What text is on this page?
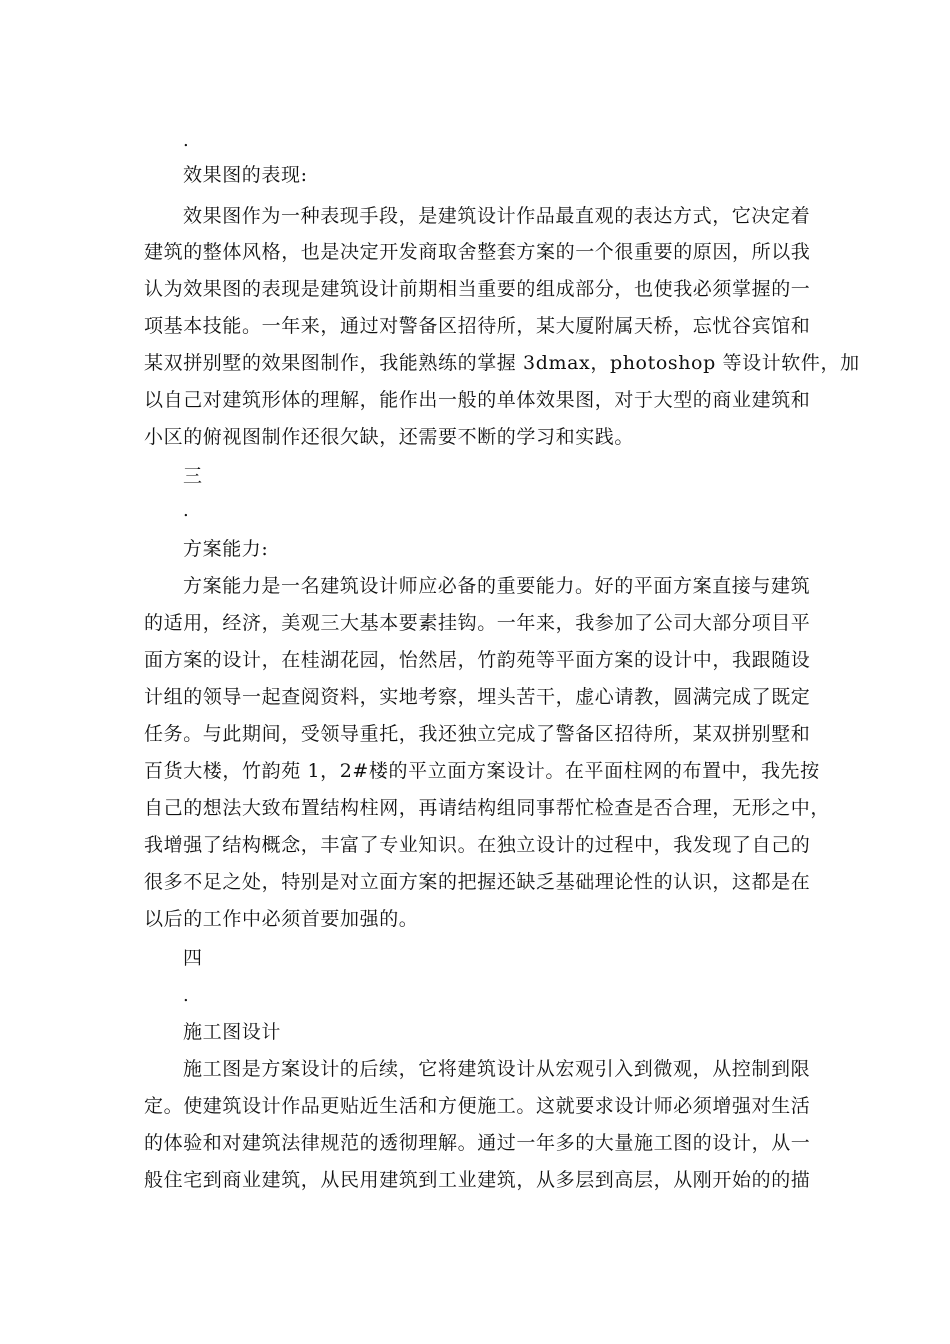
.
效果图的表现:
效果图作为一种表现手段，是建筑设计作品最直观的表达方式，它决定着
建筑的整体风格，也是决定开发商取舍整套方案的一个很重要的原因，所以我
认为效果图的表现是建筑设计前期相当重要的组成部分，也使我必须掌握的一
项基本技能。一年来，通过对警备区招待所，某大厦附属天桥，忘忧谷宾馆和
某双拼别墅的效果图制作，我能熟练的掌握 3dmax，photoshop 等设计软件，加
以自己对建筑形体的理解，能作出一般的单体效果图，对于大型的商业建筑和
小区的俯视图制作还很欠缺，还需要不断的学习和实践。
三
.
方案能力:
方案能力是一名建筑设计师应必备的重要能力。好的平面方案直接与建筑
的适用，经济，美观三大基本要素挂钩。一年来，我参加了公司大部分项目平
面方案的设计，在桂湖花园，怡然居，竹韵苑等平面方案的设计中，我跟随设
计组的领导一起查阅资料，实地考察，埋头苦干，虚心请教，圆满完成了既定
任务。与此期间，受领导重托，我还独立完成了警备区招待所，某双拼别墅和
百货大楼，竹韵苑 1，2#楼的平立面方案设计。在平面柱网的布置中，我先按
自己的想法大致布置结构柱网，再请结构组同事帮忙检查是否合理，无形之中，
我增强了结构概念，丰富了专业知识。在独立设计的过程中，我发现了自己的
很多不足之处，特别是对立面方案的把握还缺乏基础理论性的认识，这都是在
以后的工作中必须首要加强的。
四
.
施工图设计
施工图是方案设计的后续，它将建筑设计从宏观引入到微观，从控制到限
定。使建筑设计作品更贴近生活和方便施工。这就要求设计师必须增强对生活
的体验和对建筑法律规范的透彻理解。通过一年多的大量施工图的设计，从一
般住宅到商业建筑，从民用建筑到工业建筑，从多层到高层，从刚开始的的描
